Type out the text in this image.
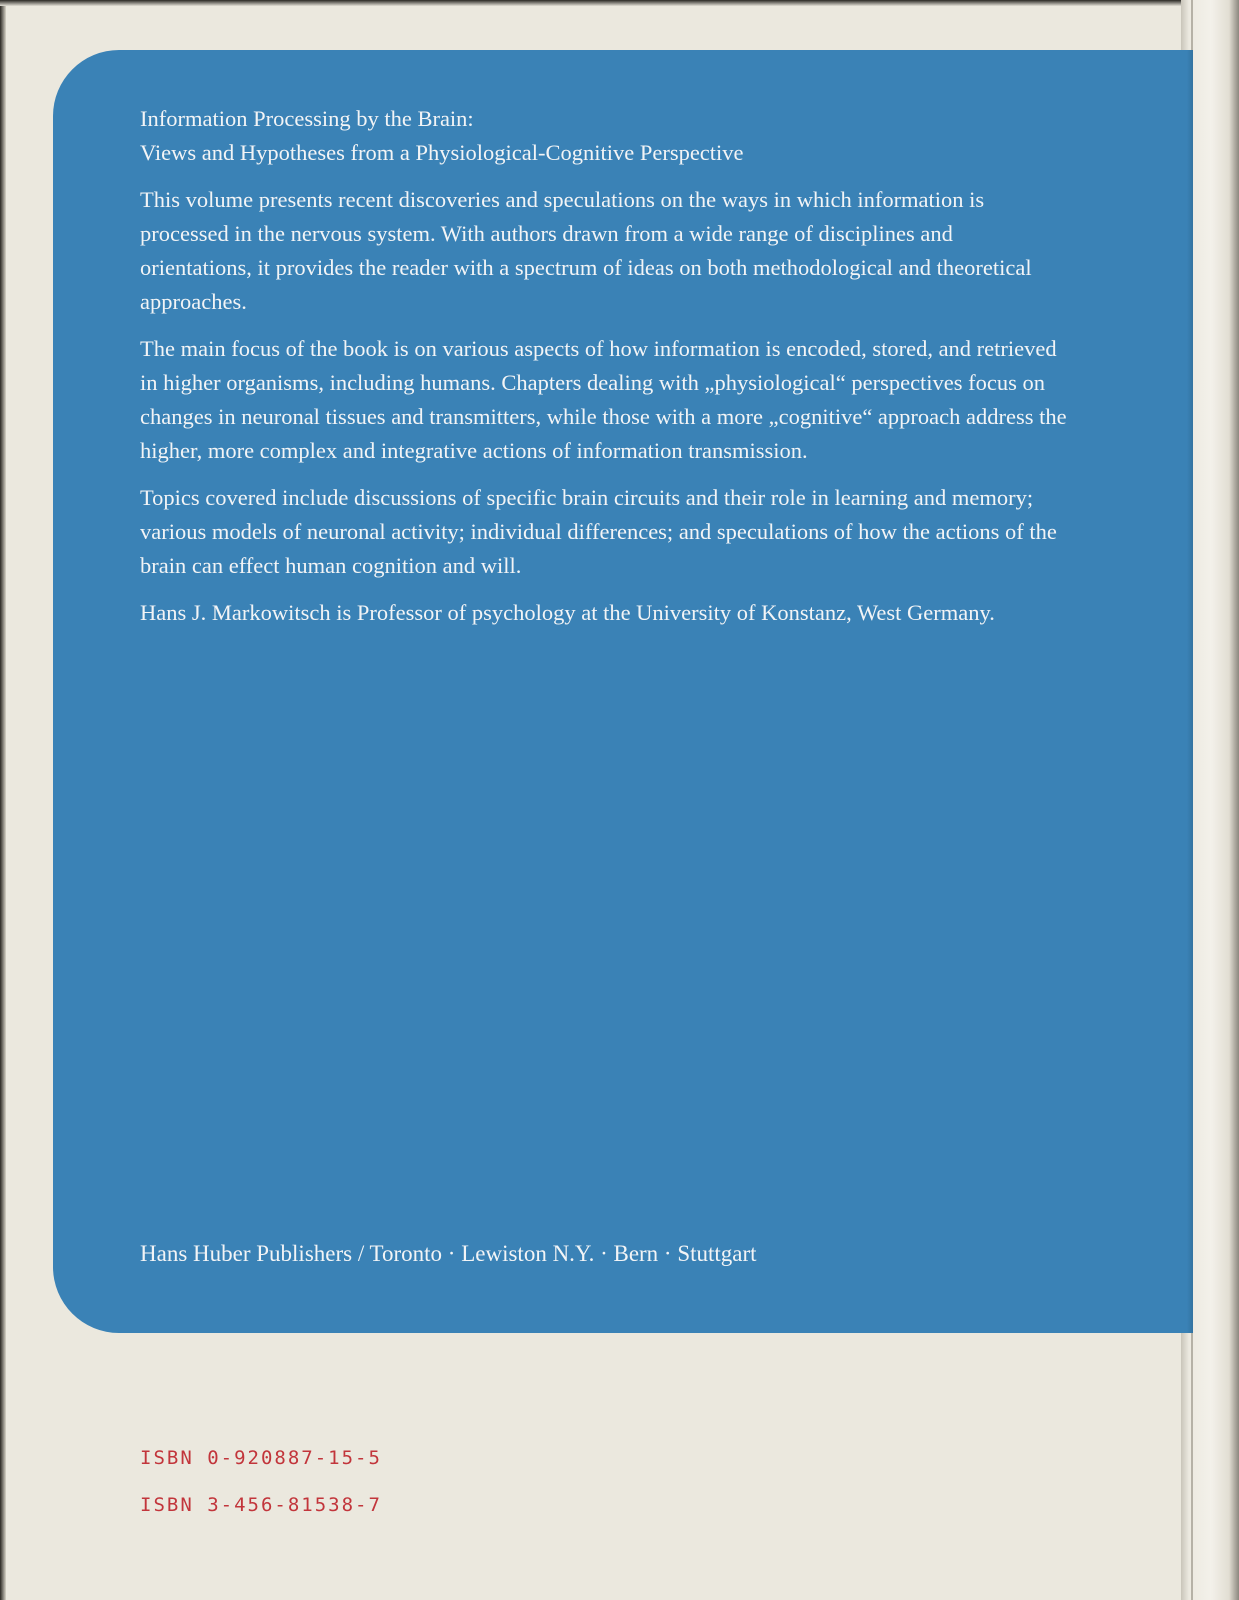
Information Processing by the Brain:
Views and Hypotheses from a Physiological-Cognitive Perspective

This volume presents recent discoveries and speculations on the ways in which information is processed in the nervous system. With authors drawn from a wide range of disciplines and orientations, it provides the reader with a spectrum of ideas on both methodological and theoretical approaches.

The main focus of the book is on various aspects of how information is encoded, stored, and retrieved in higher organisms, including humans. Chapters dealing with „physiological“ perspectives focus on changes in neuronal tissues and transmitters, while those with a more „cognitive“ approach address the higher, more complex and integrative actions of information transmission.

Topics covered include discussions of specific brain circuits and their role in learning and memory; various models of neuronal activity; individual differences; and speculations of how the actions of the brain can effect human cognition and will.

Hans J. Markowitsch is Professor of psychology at the University of Konstanz, West Germany.

Hans Huber Publishers / Toronto · Lewiston N.Y. · Bern · Stuttgart
ISBN 0-920887-15-5
ISBN 3-456-81538-7
